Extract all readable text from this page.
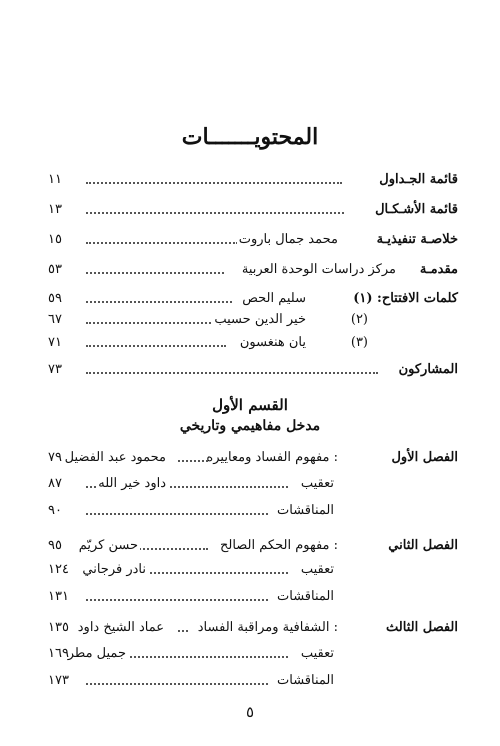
المحتويـــــــات
قائمة الجـداول
١١
قائمة الأشـكـال
١٣
خلاصـة تنفيذيـة
محمد جمال باروت
١٥
مقدمـة
مركز دراسات الوحدة العربية
٥٣
كلمات الافتتاح: (١)
سليم الحص
٥٩
(٢)
خير الدين حسيب
٦٧
(٣)
يان هنغسون
٧١
المشاركون
٧٣
القسم الأول
مدخل مفاهيمي وتاريخي
الفصل الأول
: مفهوم الفساد ومعاييره
محمود عبد الفضيل
٧٩
تعقيب
داود خير الله
٨٧
المناقشات
٩٠
الفصل الثاني
: مفهوم الحكم الصالح
حسن كريّم
٩٥
تعقيب
نادر فرجاني
١٢٤
المناقشات
١٣١
الفصل الثالث
: الشفافية ومراقبة الفساد
عماد الشيخ داود
١٣٥
تعقيب
جميل مطر
١٦٩
المناقشات
١٧٣
٥
